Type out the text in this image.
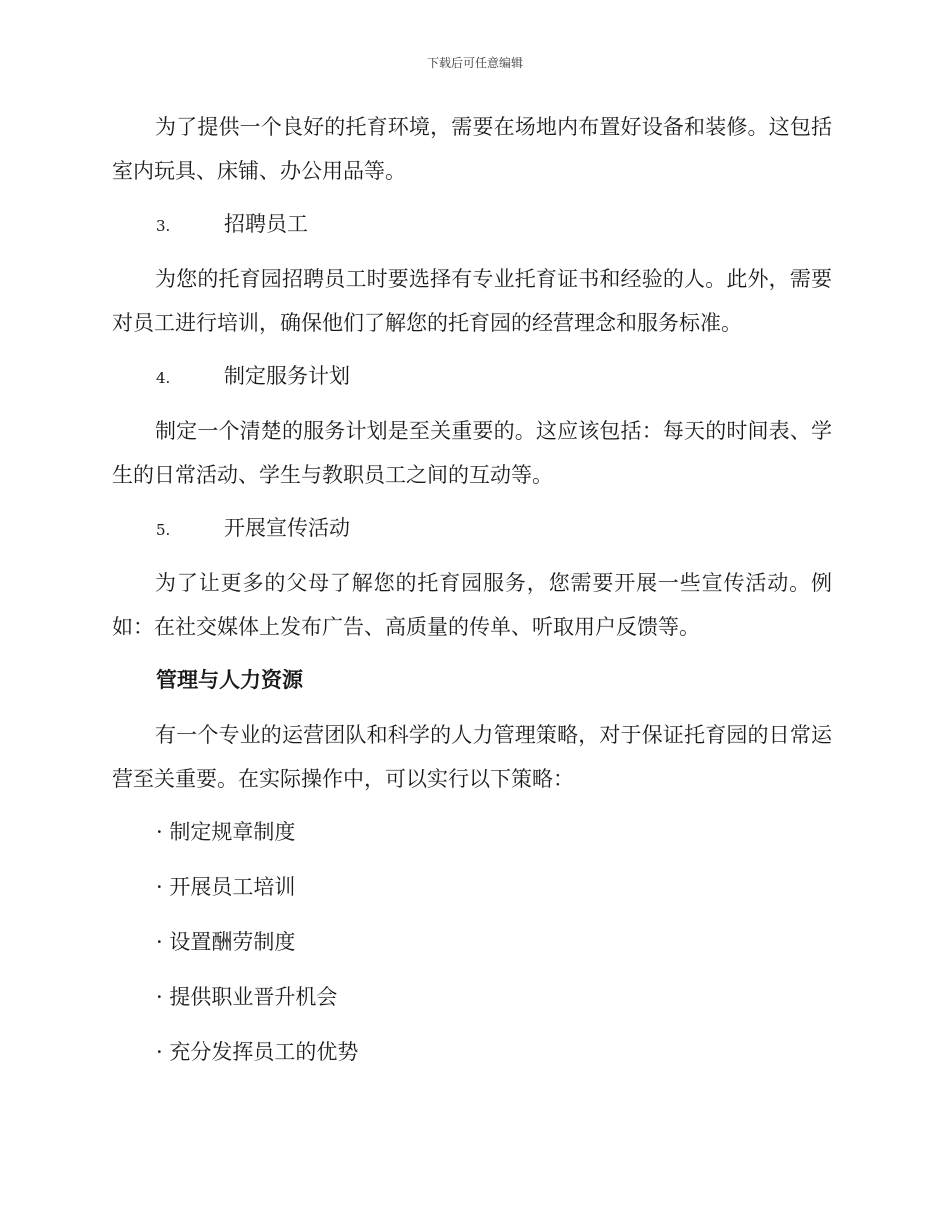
下载后可任意编辑

为了提供一个良好的托育环境，需要在场地内布置好设备和装修。这包括室内玩具、床铺、办公用品等。

3.	招聘员工

为您的托育园招聘员工时要选择有专业托育证书和经验的人。此外，需要对员工进行培训，确保他们了解您的托育园的经营理念和服务标准。

4.	制定服务计划

制定一个清楚的服务计划是至关重要的。这应该包括：每天的时间表、学生的日常活动、学生与教职员工之间的互动等。

5.	开展宣传活动

为了让更多的父母了解您的托育园服务，您需要开展一些宣传活动。例如：在社交媒体上发布广告、高质量的传单、听取用户反馈等。

管理与人力资源

有一个专业的运营团队和科学的人力管理策略，对于保证托育园的日常运营至关重要。在实际操作中，可以实行以下策略：

· 制定规章制度

· 开展员工培训

· 设置酬劳制度

· 提供职业晋升机会

· 充分发挥员工的优势
